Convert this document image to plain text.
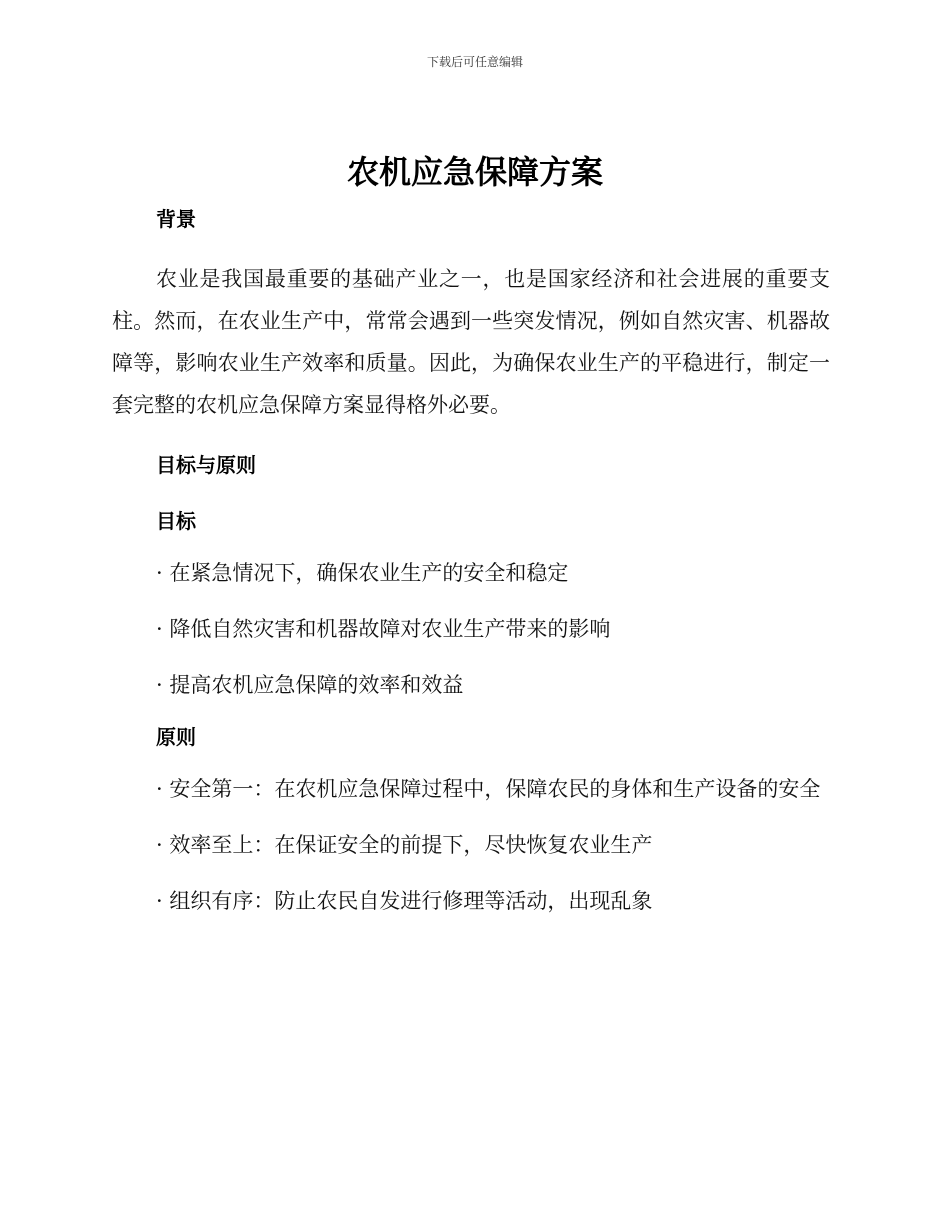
下载后可任意编辑
农机应急保障方案
背景

农业是我国最重要的基础产业之一，也是国家经济和社会进展的重要支柱。然而，在农业生产中，常常会遇到一些突发情况，例如自然灾害、机器故障等，影响农业生产效率和质量。因此，为确保农业生产的平稳进行，制定一套完整的农机应急保障方案显得格外必要。

目标与原则
目标

· 在紧急情况下，确保农业生产的安全和稳定

· 降低自然灾害和机器故障对农业生产带来的影响

· 提高农机应急保障的效率和效益

原则

· 安全第一：在农机应急保障过程中，保障农民的身体和生产设备的安全

· 效率至上：在保证安全的前提下，尽快恢复农业生产

· 组织有序：防止农民自发进行修理等活动，出现乱象
